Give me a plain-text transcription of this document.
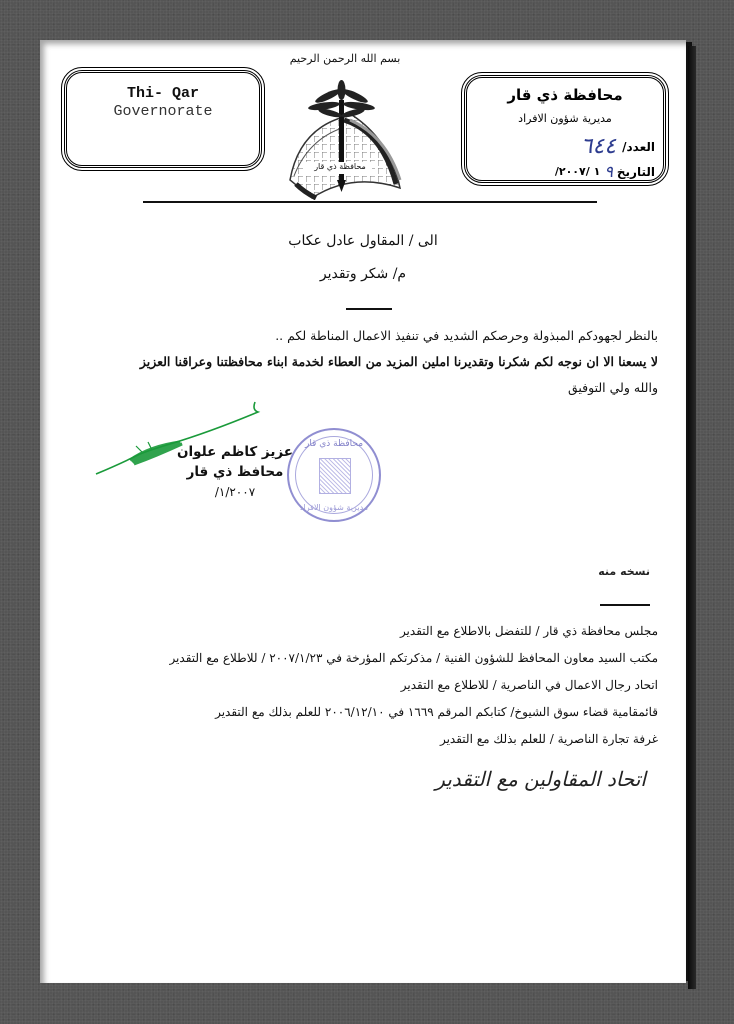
بسم الله الرحمن الرحيم
Thi- Qar
Governorate
محافظة ذي قار
محافظة ذي قار
مديرية شؤون الافراد
العدد/
٦٤٤
التاريخ
٩
/١ /٢٠٠٧
الى / المقاول عادل عكاب
م/ شكر وتقدير
بالنظر لجهودكم المبذولة وحرصكم الشديد في تنفيذ الاعمال المناطة لكم ..
لا يسعنا الا ان نوجه لكم شكرنا وتقديرنا املين المزيد من العطاء لخدمة ابناء محافظتنا وعراقنا العزيز
والله ولي التوفيق
محافظة ذي قار
مديرية شؤون الافراد
عزيز كاظم علوان
محافظ ذي قار
/١/٢٠٠٧
نسخه منه
مجلس محافظة ذي قار / للتفضل بالاطلاع مع التقدير
مكتب السيد معاون المحافظ للشؤون الفنية / مذكرتكم المؤرخة في ٢٠٠٧/١/٢٣ / للاطلاع مع التقدير
اتحاد رجال الاعمال في الناصرية / للاطلاع مع التقدير
قائمقامية قضاء سوق الشيوخ/ كتابكم المرقم ١٦٦٩ في ٢٠٠٦/١٢/١٠ للعلم بذلك مع التقدير
غرفة تجارة الناصرية / للعلم بذلك مع التقدير
اتحاد المقاولين مع التقدير
